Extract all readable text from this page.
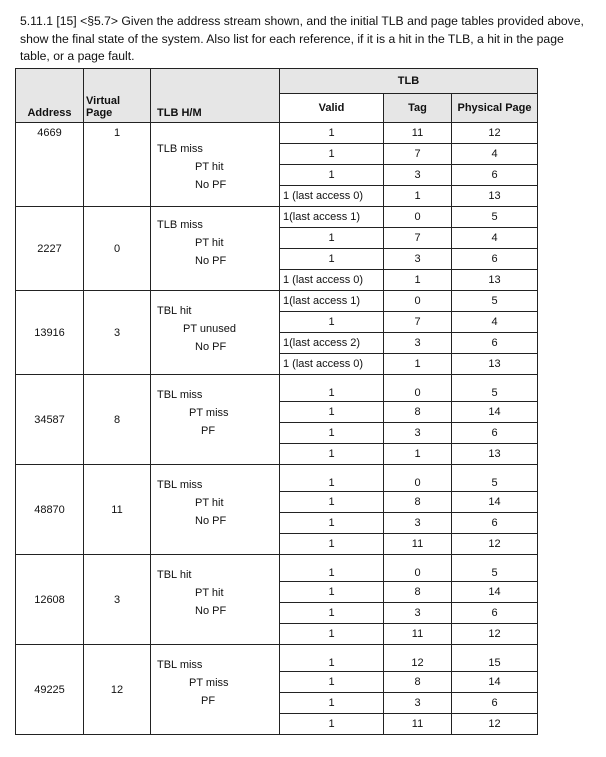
5.11.1 [15] <§5.7> Given the address stream shown, and the initial TLB and page tables provided above,

show the final state of the system. Also list for each reference, if it is a hit in the TLB, a hit in the page

table, or a page fault.

Address	Virtual
Page	TLB H/M	TLB		
			Valid	Tag	Physical Page
4669	1	TLB miss
PT hit
No PF	1	11	12
			1	7	4
			1	3	6
			1 (last access 0)	1	13
2227	0	TLB miss
PT hit
No PF	1(last access 1)	0	5
			1	7	4
			1	3	6
			1 (last access 0)	1	13
13916	3	TBL hit
PT unused
No PF	1(last access 1)	0	5
			1	7	4
			1(last access 2)	3	6
			1 (last access 0)	1	13
34587	8	TBL miss
PT miss
PF	1	0	5
			1	8	14
			1	3	6
			1	1	13
48870	11	TBL miss
PT hit
No PF	1	0	5
			1	8	14
			1	3	6
			1	11	12
12608	3	TBL hit
PT hit
No PF	1	0	5
			1	8	14
			1	3	6
			1	11	12
49225	12	TBL miss
PT miss
PF	1	12	15
			1	8	14
			1	3	6
			1	11	12
